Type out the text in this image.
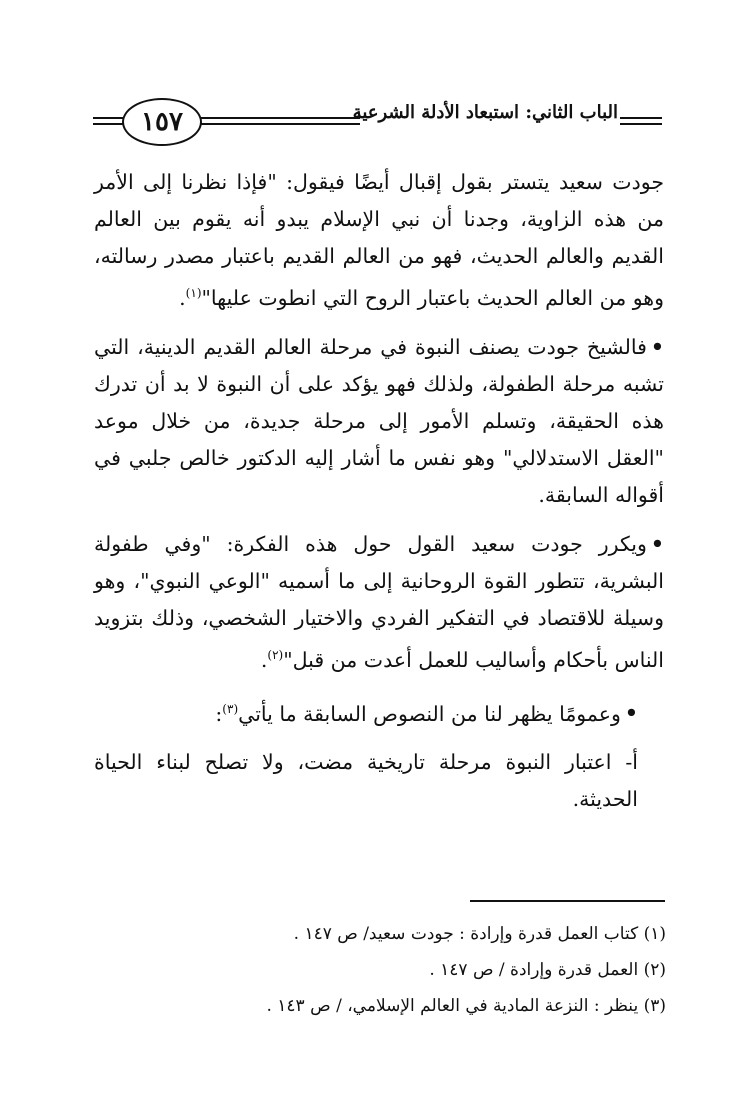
١٥٧	الباب الثاني: استبعاد الأدلة الشرعية

جودت سعيد يتستر بقول إقبال أيضًا فيقول: "فإذا نظرنا إلى الأمر من هذه الزاوية، وجدنا أن نبي الإسلام يبدو أنه يقوم بين العالم القديم والعالم الحديث، فهو من العالم القديم باعتبار مصدر رسالته، وهو من العالم الحديث باعتبار الروح التي انطوت عليها"$^{(١)}$.

•فالشيخ جودت يصنف النبوة في مرحلة العالم القديم الدينية، التي تشبه مرحلة الطفولة، ولذلك فهو يؤكد على أن النبوة لا بد أن تدرك هذه الحقيقة، وتسلم الأمور إلى مرحلة جديدة، من خلال موعد "العقل الاستدلالي" وهو نفس ما أشار إليه الدكتور خالص جلبي في أقواله السابقة.

•ويكرر جودت سعيد القول حول هذه الفكرة: "وفي طفولة البشرية، تتطور القوة الروحانية إلى ما أسميه "الوعي النبوي"، وهو وسيلة للاقتصاد في التفكير الفردي والاختيار الشخصي، وذلك بتزويد الناس بأحكام وأساليب للعمل أعدت من قبل"$^{(٢)}$.

•وعمومًا يظهر لنا من النصوص السابقة ما يأتي$^{(٣)}$:

أ- اعتبار النبوة مرحلة تاريخية مضت، ولا تصلح لبناء الحياة الحديثة.

(١) كتاب العمل قدرة وإرادة : جودت سعيد/ ص ١٤٧ .
(٢) العمل قدرة وإرادة / ص ١٤٧ .
(٣) ينظر : النزعة المادية في العالم الإسلامي، / ص ١٤٣ .
